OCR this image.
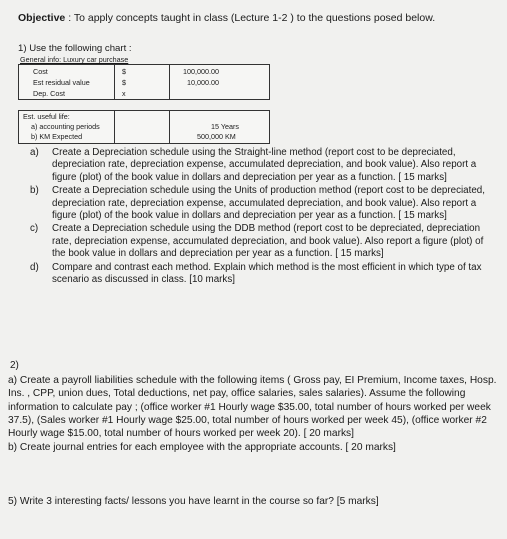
Objective : To apply concepts taught in class (Lecture 1-2 ) to the questions posed below.
1) Use the following chart :
General info: Luxury car purchase
Cost	$	100,000.00
Est residual value	$	10,000.00
Dep. Cost	x
Est. useful life:
a) accounting periods	15 Years
b) KM Expected	500,000 KM
a) Create a Depreciation schedule using the Straight-line method (report cost to be depreciated, depreciation rate, depreciation expense, accumulated depreciation, and book value). Also report a figure (plot) of the book value in dollars and depreciation per year as a function. [ 15 marks]
b) Create a Depreciation schedule using the Units of production method (report cost to be depreciated, depreciation rate, depreciation expense, accumulated depreciation, and book value). Also report a figure (plot) of the book value in dollars and depreciation per year as a function. [ 15 marks]
c) Create a Depreciation schedule using the DDB method (report cost to be depreciated, depreciation rate, depreciation expense, accumulated depreciation, and book value). Also report a figure (plot) of the book value in dollars and depreciation per year as a function. [ 15 marks]
d) Compare and contrast each method. Explain which method is the most efficient in which type of tax scenario as discussed in class. [10 marks]
2)

a) Create a payroll liabilities schedule with the following items ( Gross pay, EI Premium, Income taxes, Hosp. Ins. , CPP, union dues, Total deductions, net pay, office salaries, sales salaries). Assume the following information to calculate pay ; (office worker #1 Hourly wage $35.00, total number of hours worked per week 37.5), (Sales worker #1 Hourly wage $25.00, total number of hours worked per week 45), (office worker #2 Hourly wage $15.00, total number of hours worked per week 20). [ 20 marks]

b) Create journal entries for each employee with the appropriate accounts. [ 20 marks]

5) Write 3 interesting facts/ lessons you have learnt in the course so far? [5 marks]
